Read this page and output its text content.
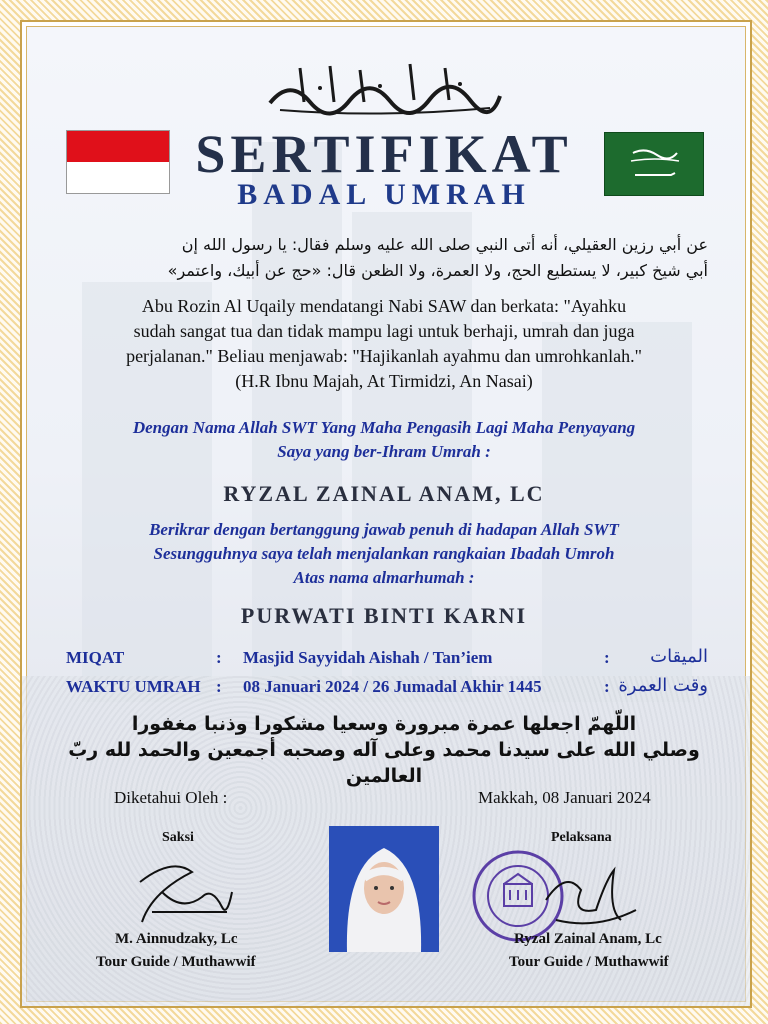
SERTIFIKAT
BADAL UMRAH
عن أبي رزين العقيلي، أنه أتى النبي صلى الله عليه وسلم فقال: يا رسول الله إن
أبي شيخ كبير، لا يستطيع الحج، ولا العمرة، ولا الظعن قال: «حج عن أبيك، واعتمر»
Abu Rozin Al Uqaily mendatangi Nabi SAW dan berkata: "Ayahku
sudah sangat tua dan tidak mampu lagi untuk berhaji, umrah dan juga
perjalanan." Beliau menjawab: "Hajikanlah ayahmu dan umrohkanlah."
(H.R Ibnu Majah, At Tirmidzi, An Nasai)
Dengan Nama Allah SWT Yang Maha Pengasih Lagi Maha Penyayang
Saya yang ber-Ihram Umrah :
RYZAL ZAINAL ANAM, LC
Berikrar dengan bertanggung jawab penuh di hadapan Allah SWT
Sesungguhnya saya telah menjalankan rangkaian Ibadah Umroh
Atas nama almarhumah :
PURWATI BINTI KARNI
MIQAT	: Masjid Sayyidah Aishah / Tan’iem	:	الميقات
WAKTU UMRAH : 08 Januari 2024 / 26 Jumadal Akhir 1445	: وقت العمرة
اللّهمّ اجعلها عمرة مبرورة وسعيا مشكورا وذنبا مغفورا
وصلي الله على سيدنا محمد وعلى آله وصحبه أجمعين والحمد لله ربّ العالمين
Diketahui Oleh :	Makkah, 08 Januari 2024
Saksi	Pelaksana
M. Ainnudzaky, Lc
Tour Guide / Muthawwif
Ryzal Zainal Anam, Lc
Tour Guide / Muthawwif
